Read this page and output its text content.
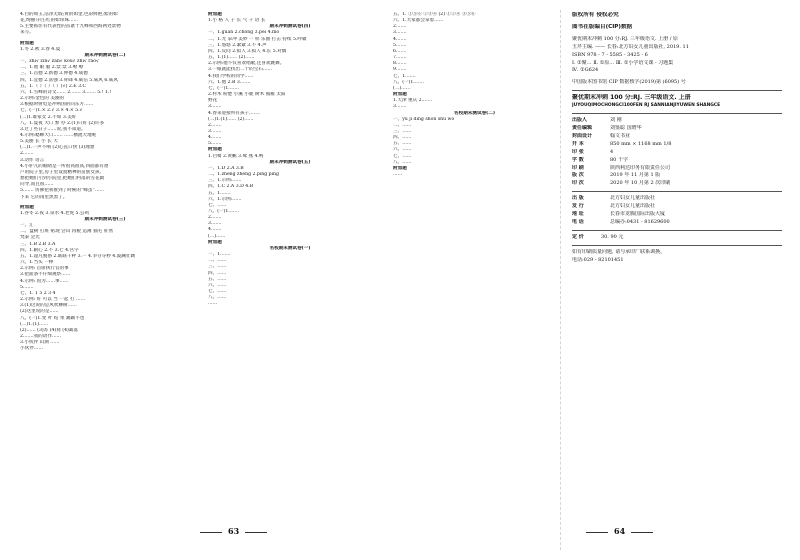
4.白的如玉,洁净无瑕;黄的如金,色彩鲜艳;紫的如
花,绚丽夺目;红的如珍珠……
5.主要抓住有代表性的苗寨十九峰和西海两处景物
来写。
附加题
1.冬 2.秋 3.春 4.夏
期末冲刺测试卷(二)
一、zhī√ zǐn√ zān√ kōu√ zhì√ rǎo√
二、1.他 眼 服 2.禁 禁 3.嘹 嘹
三、1.首德 2.新德 3.伸德 4.成德
四、1.宜德 2.富强 3.骨碌 4.威信 5.威风 6.威风
五、1.（ ）（ ）（ ）(√) 2.E 3.C
六、1.雪峰的诗文…… 2.…… 3.…… 5.! 1.!
2.示例:金色的 美丽的
3.根据时射电是冲利国的向东方……
七、(一)1.× 2.√ 3.× 4.× 5.√
(二)1.谁家女 2.不如 3.美好
八、1.夏夜 大口 繁 办 2.(1)只好 (2)许多
3.过了些日子……说,我不知道。
4.示例:蟋蟀大口…… ……横流大地呢
5.美丽 长 小 长 大
(二)1.一声不响 (2)心直口快 (3)理想
2.……
3.动作 语言
4.小驴儿的眼睛是一所很高很高,四面都有窗
户的院子里,房子里设置精神的苗族女孩,
想把她们引到小院里,把她们村落的雪花做
向导,而且很……
5.…… 仿佛把我推到了时候的“蜂茧”……
下来 它的雨里黑黑了。
附加题
1.谷冬 2.夜 3.泉水 4.老虎 5.公鸡
期末冲刺测试卷(三)
一、汇
二、盘树 打班 贴现 尝山 再税 造薄 插毛 肝然
梵泰 尝光
三、1.B 2.B 3.A
四、1.耐心 2.不 3.七 4.宫字
五、1.超凡脱俗 2.联联千秤 3.一 4.争分夺秒 4.波澜壮阔
六、1.当头 一棒
2.示例: 首席执行官的事
3.把面条不仔细观察……
4.示例: 因为……事……
5.……
七、1. 1 5 2 3 4
2.示例: 好 可以 当 一起 打 ……
3.(1)这说的是风吹柳树……
(2)这里说的是……
八、(一)1.变 叶 结 果 踢踢不也
(二)1.(1)……
(2)…… (3)苏 (4)窝 (4)篱落
2.……我的动作……
3.小伙伴 山涧 ……
小伙伴……
附加题
1.小 格 人 子 长 气 千 语 长
期末冲刺测试卷(四)
一、1.guàn 2.chōng 3.péi 4.mó
二、1.尤 拿冲 美妙 一 样 乐曲 打击 持续 5.呼啸
三、1.悠悠 2.紧紧 3.不 4.声
四、1.反问 2.拟人 3.拟人 4.长 5.对偶
五、1.(1)…… (2)……
2.示例:他不仅喜欢唱歌,还喜欢跳舞。
3.一眼就能找出二十的宝石……
4.我们学校的同学……
六、1.他 2.B 3.……
七、(一)1.……
2.村木 粉楚 小溪 小鹿 树木 熊雁 太阳
野花
3.……
4.春来迎接所有孩子,……
(二)1.(1)…… (2)……
2.……
3.……
4.……
5.……
附加题
1.白鹭 2.黄鹂 3.鹭 燕 4.鸭
期末冲刺测试卷(五)
一、1.D 2.A 3.B
二、1.zhēng zhèng 2.pīng pìng
三、1.示例:……
四、1.C 2.A 3.D 4.B
五、1.……
六、1.示例:……
七、……
八、(一)1.……
2.……
3.……
4.……
(二)……
附加题
名校期末测试卷(一)
一、1.……
二、……
三、……
四、……
五、……
六、……
七、……
八、……
……
五、1. ①⑤⑥ ②③④ (2) ①②④ ③⑤⑥
六、1.大家都会拿着……
2.……
3.……
4.……
5.……
6.……
7.……
8.……
9.……
七、1.……
八、(一)1.……
(二)……
附加题
1.天津 重庆 2.……
3.……
名校期末测试卷(二)
一、yú jǐ dǐng shōn shū wǒ
二、……
三、……
四、……
五、……
六、……
七、……
八、……
附加题
……
版权所有 侵权必究
图书在版编目(CIP)数据
聚优期末冲刺 100 分:RJ. 三年级语文. 上册 / 原
玉芹主编. —— 长春:北方妇女儿童出版社, 2019. 11
ISBN 978 - 7 - 5585 - 3425 - 6
Ⅰ. ①聚… Ⅱ. ①原… Ⅲ. ①小学语文课 - 习题集
Ⅳ. ①G624
中国版本图书馆 CIP 数据核字(2019)第 (6095) 号
聚优期末冲刺 100 分:RJ. 三年级语文. 上册
JUYOUQIMOCHONGCI100FEN RJ SANNIANJIYUWEN SHANGCE
出版人	刘 刚
责任编辑	刘鉴聪 国增华
封面设计	翰文书业
开 本	850 mm × 1168 mm 1/8
印 张	4
字 数	80 千字
印 刷	陕西利达印务有限责任公司
版 次	2019 年 11 月第 1 版
印 次	2020 年 10 月第 2 次印刷
出 版	北方妇女儿童出版社
发 行	北方妇女儿童出版社
地 址	长春市龙腾国际出版大厦
电 话	总编办:0431 - 81629600
定 价	30. 90 元
如有印刷质量问题, 请与承印厂联系调换。
电话:029 - 82101451
63	64
